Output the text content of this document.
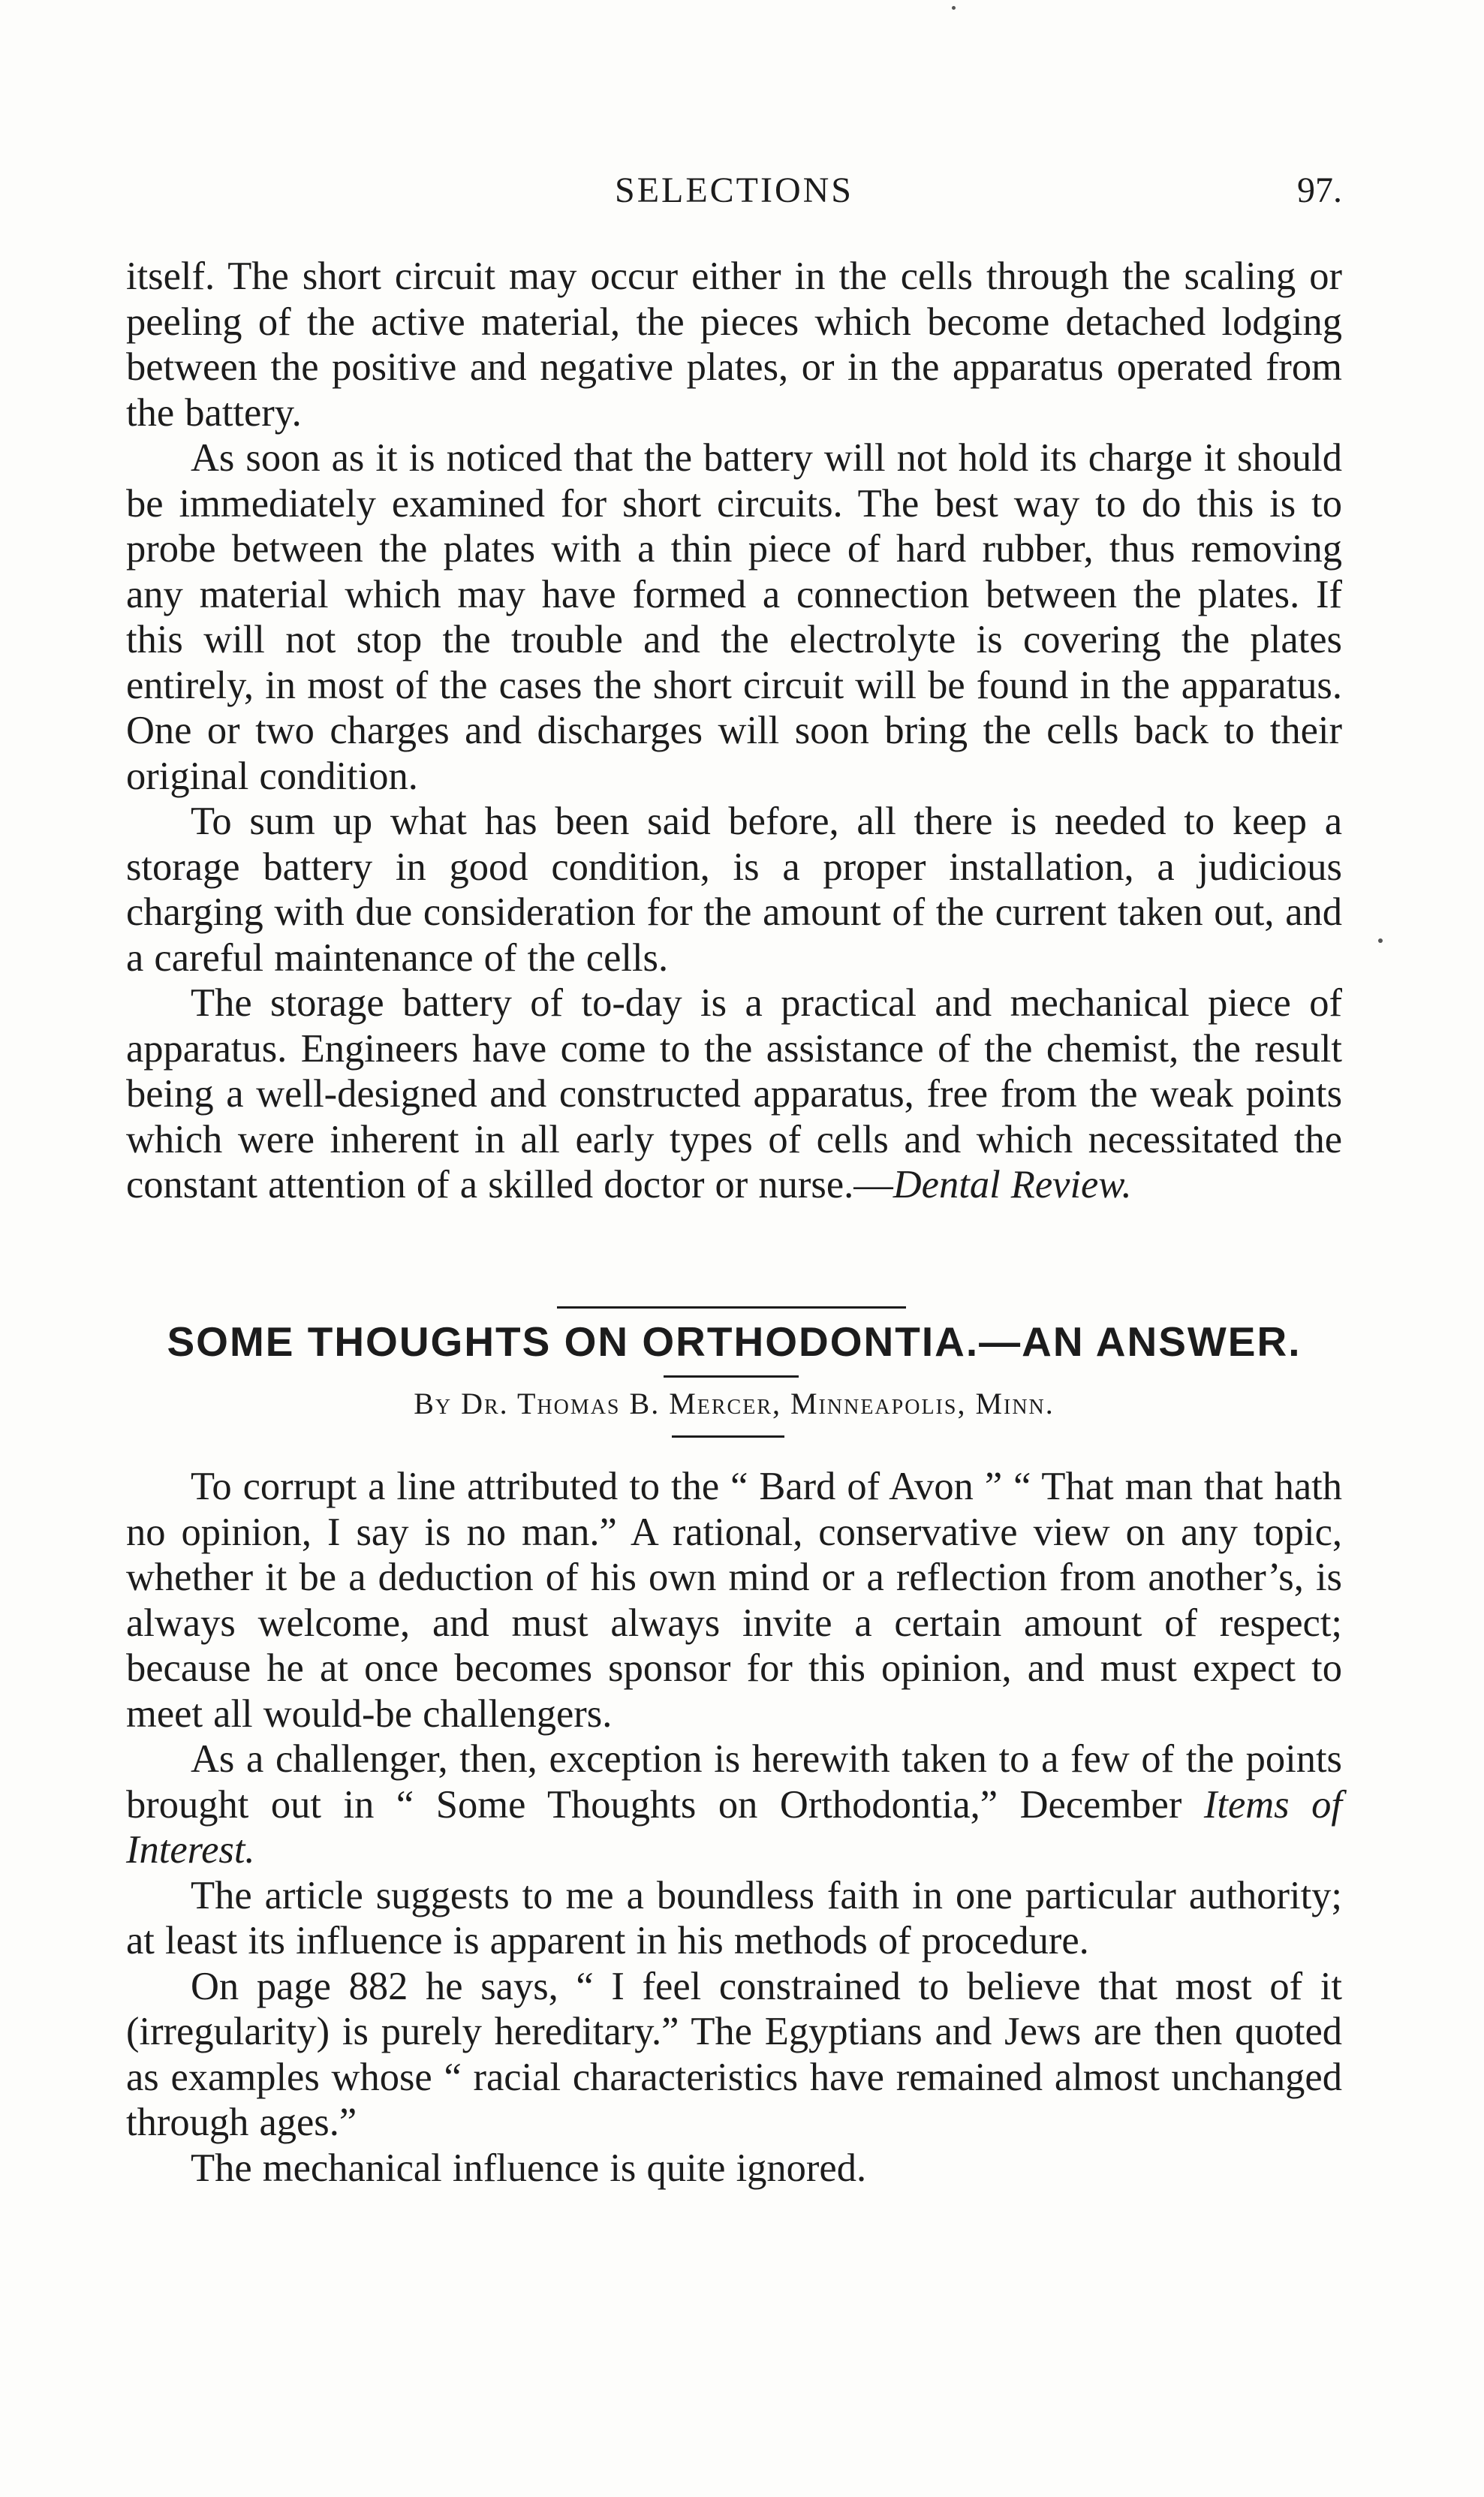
SELECTIONS	97.

itself. The short circuit may occur either in the cells through the scaling or peeling of the active material, the pieces which become detached lodging between the positive and negative plates, or in the apparatus operated from the battery.

As soon as it is noticed that the battery will not hold its charge it should be immediately examined for short circuits. The best way to do this is to probe between the plates with a thin piece of hard rubber, thus removing any material which may have formed a connection between the plates. If this will not stop the trouble and the electrolyte is covering the plates entirely, in most of the cases the short circuit will be found in the apparatus. One or two charges and discharges will soon bring the cells back to their original condition.

To sum up what has been said before, all there is needed to keep a storage battery in good condition, is a proper installation, a judicious charging with due consideration for the amount of the current taken out, and a careful maintenance of the cells.

The storage battery of to-day is a practical and mechanical piece of apparatus. Engineers have come to the assistance of the chemist, the result being a well-designed and constructed apparatus, free from the weak points which were inherent in all early types of cells and which necessitated the constant attention of a skilled doctor or nurse.—Dental Review.

SOME THOUGHTS ON ORTHODONTIA.—AN ANSWER.
By Dr. Thomas B. Mercer, Minneapolis, Minn.

To corrupt a line attributed to the “ Bard of Avon ” “ That man that hath no opinion, I say is no man.” A rational, conservative view on any topic, whether it be a deduction of his own mind or a reflection from another’s, is always welcome, and must always invite a certain amount of respect; because he at once becomes sponsor for this opinion, and must expect to meet all would-be challengers.

As a challenger, then, exception is herewith taken to a few of the points brought out in “ Some Thoughts on Orthodontia,” December Items of Interest.

The article suggests to me a boundless faith in one particular authority; at least its influence is apparent in his methods of procedure.

On page 882 he says, “ I feel constrained to believe that most of it (irregularity) is purely hereditary.” The Egyptians and Jews are then quoted as examples whose “ racial characteristics have remained almost unchanged through ages.”

The mechanical influence is quite ignored.
